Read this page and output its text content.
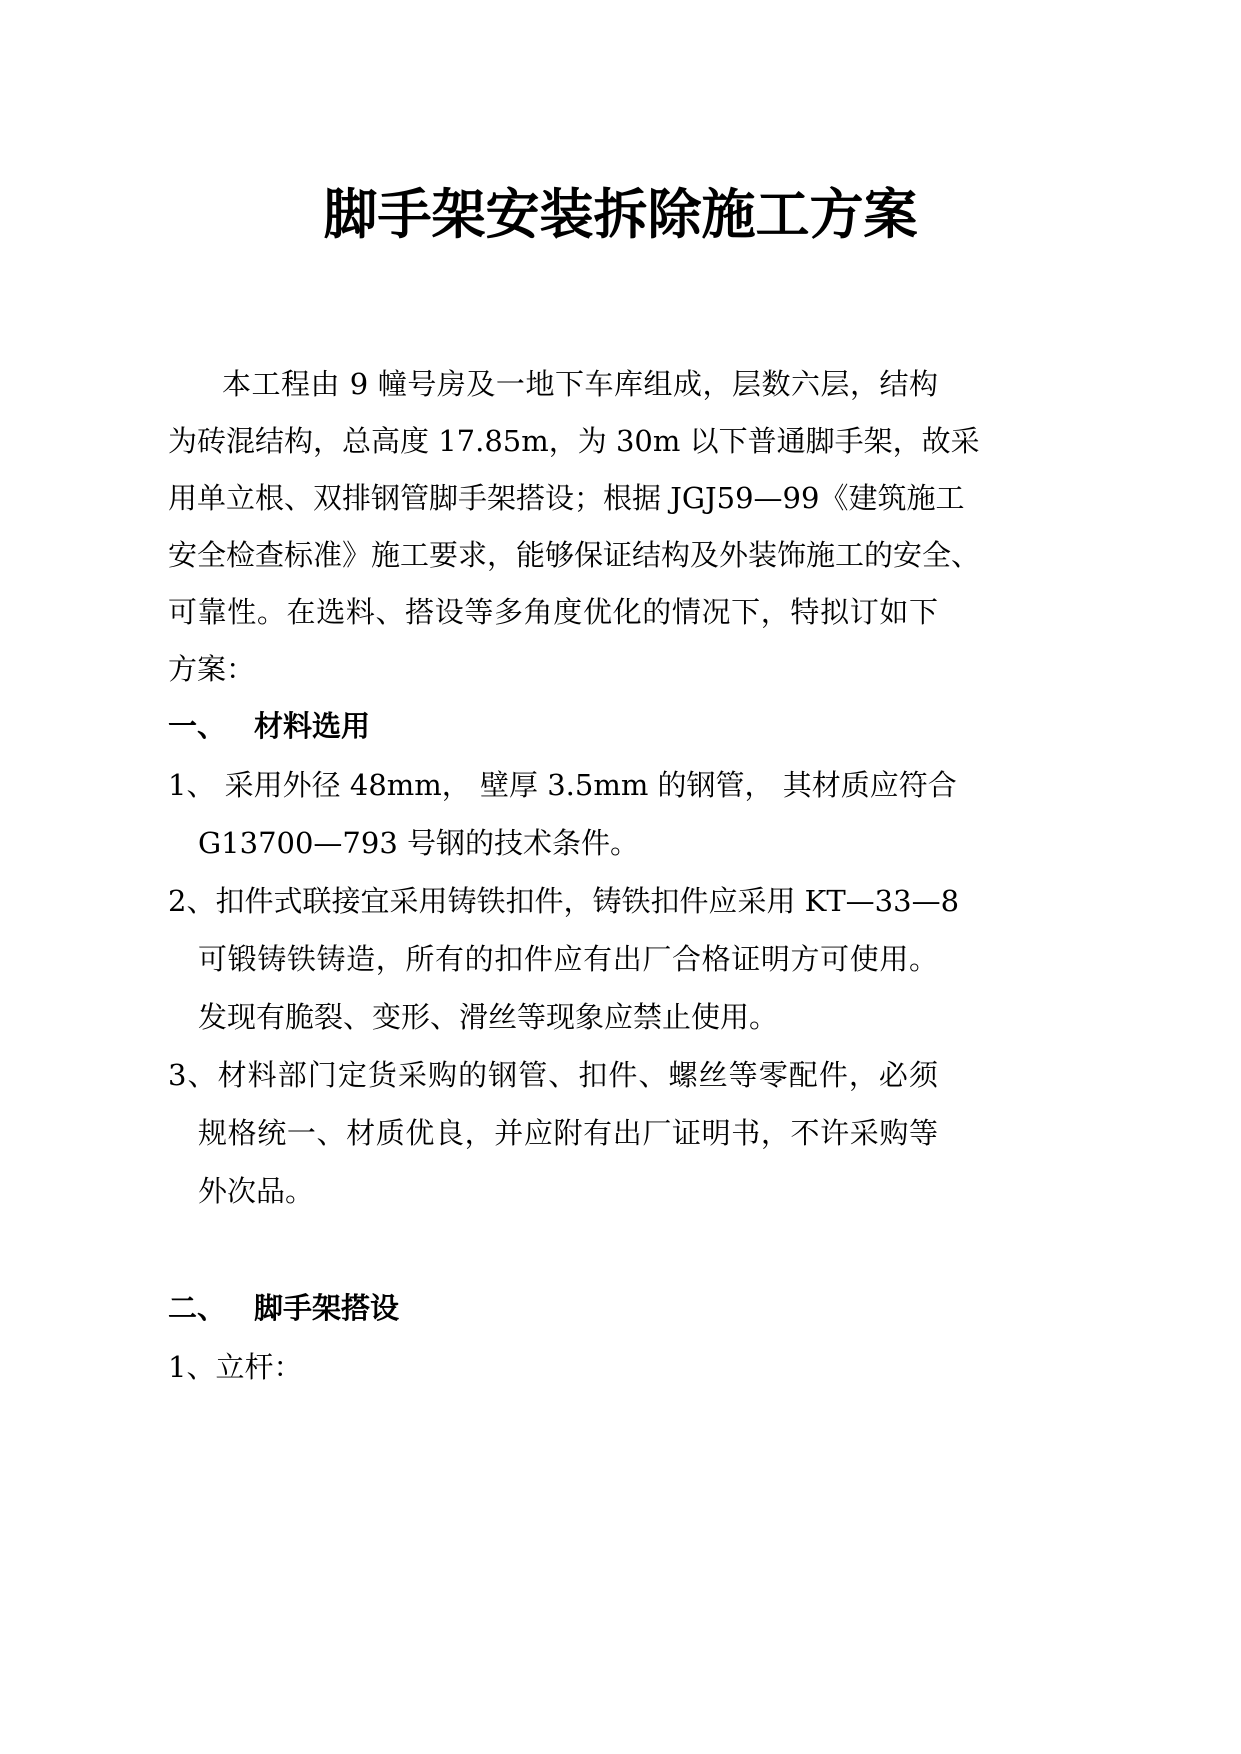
脚手架安装拆除施工方案
本工程由 9 幢号房及一地下车库组成，层数六层，结构
为砖混结构，总高度 17.85m，为 30m 以下普通脚手架，故采
用单立根、双排钢管脚手架搭设；根据 JGJ59—99《建筑施工
安全检查标准》施工要求，能够保证结构及外装饰施工的安全、
可靠性。在选料、搭设等多角度优化的情况下，特拟订如下
方案：
一、 材料选用
1、 采用外径 48mm， 壁厚 3.5mm 的钢管， 其材质应符合
G13700—793 号钢的技术条件。
2、扣件式联接宜采用铸铁扣件，铸铁扣件应采用 KT—33—8
可锻铸铁铸造，所有的扣件应有出厂合格证明方可使用。
发现有脆裂、变形、滑丝等现象应禁止使用。
3、材料部门定货采购的钢管、扣件、螺丝等零配件，必须
规格统一、材质优良，并应附有出厂证明书，不许采购等
外次品。
二、 脚手架搭设
1、立杆：
